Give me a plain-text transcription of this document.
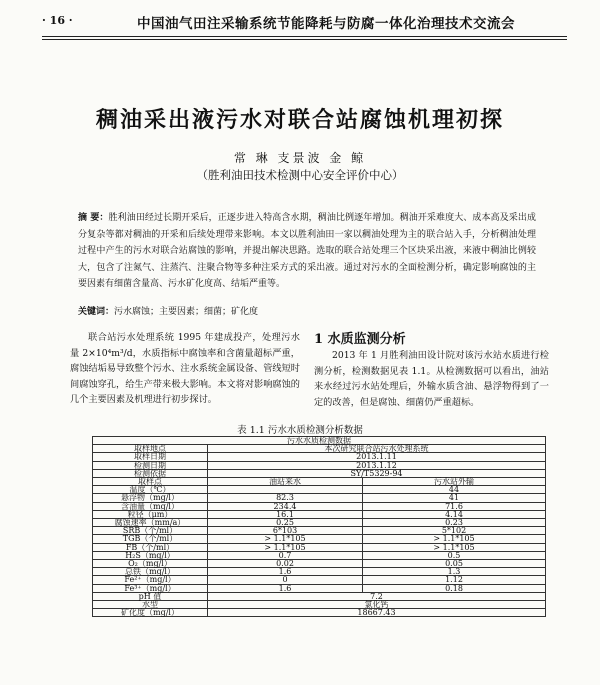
· 16 ·	中国油气田注采输系统节能降耗与防腐一体化治理技术交流会
稠油采出液污水对联合站腐蚀机理初探
常 琳 支景波 金 鲸
（胜利油田技术检测中心安全评价中心）
摘 要：胜利油田经过长期开采后，正逐步进入特高含水期，稠油比例逐年增加。稠油开采难度大、成本高及采出成分复杂等都对稠油的开采和后续处理带来影响。本文以胜利油田一家以稠油处理为主的联合站入手，分析稠油处理过程中产生的污水对联合站腐蚀的影响，并提出解决思路。选取的联合站处理三个区块采出液，来液中稠油比例较大，包含了注氮气、注蒸汽、注聚合物等多种注采方式的采出液。通过对污水的全面检测分析，确定影响腐蚀的主要因素有细菌含量高、污水矿化度高、结垢严重等。
关键词：污水腐蚀；主要因素；细菌；矿化度
联合站污水处理系统 1995 年建成投产，处理污水量 2×10⁴m³/d，水质指标中腐蚀率和含菌量超标严重，腐蚀结垢易导致整个污水、注水系统金属设备、管线短时间腐蚀穿孔，给生产带来极大影响。本文将对影响腐蚀的几个主要因素及机理进行初步探讨。
1 水质监测分析
2013 年 1 月胜利油田设计院对该污水站水质进行检测分析，检测数据见表 1.1。从检测数据可以看出，油站来水经过污水站处理后，外输水质含油、悬浮物得到了一定的改善，但是腐蚀、细菌仍严重超标。
表 1.1 污水水质检测分析数据
污水水质检测数据		
取样地点	本次研究联合站污水处理系统	
取样日期	2013.1.11	
检测日期	2013.1.12	
检测依据	SY/T5329-94	
取样点	油站来水	污水站外输
温度（℃）		44
悬浮物（mg/l）	82.3	41
含油量（mg/l）	234.4	71.6
粒径（μm）	16.1	4.14
腐蚀速率（mm/a）	0.25	0.23
SRB（个/ml）	6*103	5*102
TGB（个/ml）	> 1.1*105	> 1.1*105
FB（个/ml）	> 1.1*105	> 1.1*105
H₂S（mg/l）	0.7	0.5
O₂（mg/l）	0.02	0.05
总铁（mg/l）	1.6	1.3
Fe²⁺（mg/l）	0	1.12
Fe³⁺（mg/l）	1.6	0.18
pH 值	7.2	
水型	氯化钙	
矿化度（mg/l）	18667.43	
